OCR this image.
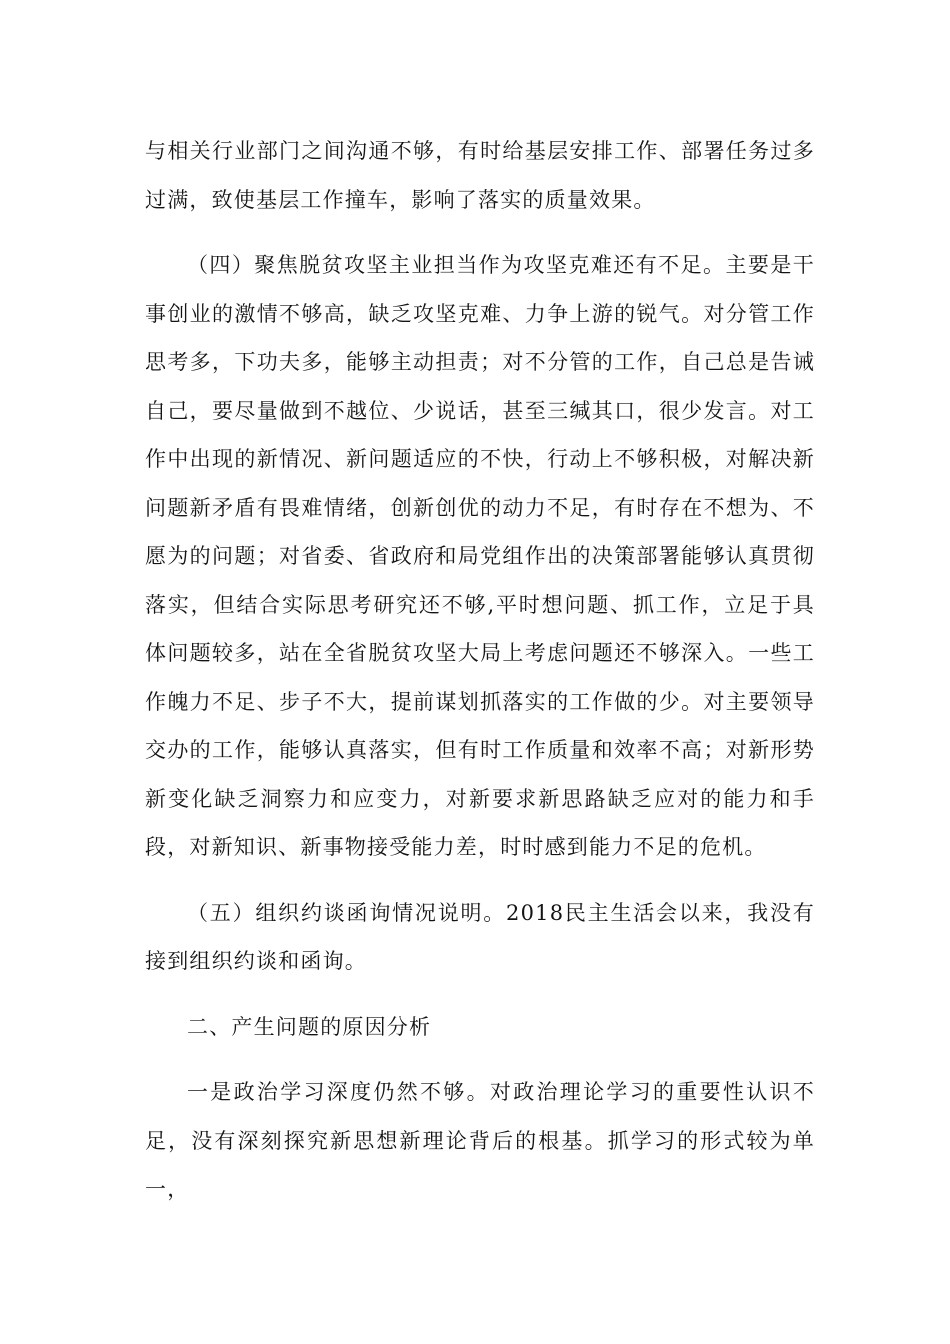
与相关行业部门之间沟通不够，有时给基层安排工作、部署任务过多过满，致使基层工作撞车，影响了落实的质量效果。

（四）聚焦脱贫攻坚主业担当作为攻坚克难还有不足。主要是干事创业的激情不够高，缺乏攻坚克难、力争上游的锐气。对分管工作思考多，下功夫多，能够主动担责；对不分管的工作，自己总是告诫自己，要尽量做到不越位、少说话，甚至三缄其口，很少发言。对工作中出现的新情况、新问题适应的不快，行动上不够积极，对解决新问题新矛盾有畏难情绪，创新创优的动力不足，有时存在不想为、不愿为的问题；对省委、省政府和局党组作出的决策部署能够认真贯彻落实，但结合实际思考研究还不够,平时想问题、抓工作，立足于具体问题较多，站在全省脱贫攻坚大局上考虑问题还不够深入。一些工作魄力不足、步子不大，提前谋划抓落实的工作做的少。对主要领导交办的工作，能够认真落实，但有时工作质量和效率不高；对新形势新变化缺乏洞察力和应变力，对新要求新思路缺乏应对的能力和手段，对新知识、新事物接受能力差，时时感到能力不足的危机。

（五）组织约谈函询情况说明。2018民主生活会以来，我没有接到组织约谈和函询。

二、产生问题的原因分析

一是政治学习深度仍然不够。对政治理论学习的重要性认识不足，没有深刻探究新思想新理论背后的根基。抓学习的形式较为单一，
